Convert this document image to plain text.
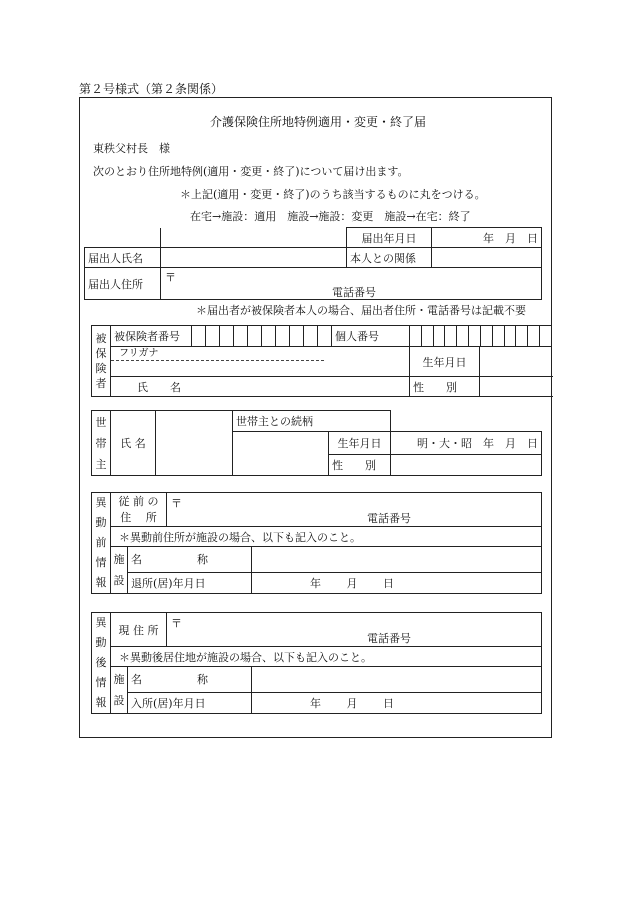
第２号様式（第２条関係）
介護保険住所地特例適用・変更・終了届
東秩父村長　様
次のとおり住所地特例(適用・変更・終了)について届け出ます。
＊上記(適用・変更・終了)のうち該当するものに丸をつける。
在宅→施設：適用　施設→施設：変更　施設→在宅：終了
		届出年月日	年　月　日
届出人氏名		本人との関係	
届出人住所	〒
電話番号		
＊届出者が被保険者本人の場合、届出者住所・電話番号は記載不要
被
保
険
者	被保険者番号											個人番号			

	フリガナ												生年月日		
	氏　　名												性　　別		
世
帯
主	氏 名		世帯主との続柄		
				生年月日	明・大・昭　年　月　日
				性　　別	
異
動
前
情
報	従 前 の
住　 所		〒
電話番号	

	＊異動前住所が施設の場合、以下も記入のこと。			
	施
設	名　　　　　称		
		退所(居)年月日		年　　 月　　 日
異
動
後
情
報	現 住 所		〒
電話番号	

	＊異動後居住地が施設の場合、以下も記入のこと。			
	施
設	名　　　　　称		
		入所(居)年月日		年　　 月　　 日
